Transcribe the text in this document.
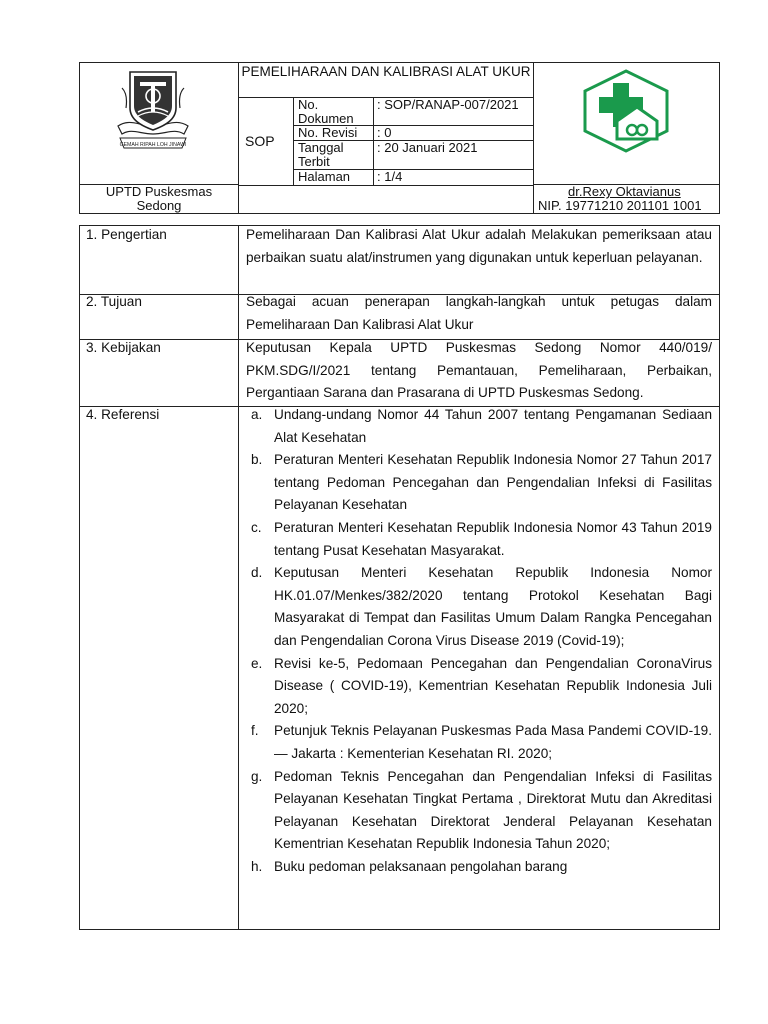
GEMAH RIPAH LOH JINAWI
PEMELIHARAAN DAN KALIBRASI ALAT UKUR
SOP
No. Dokumen
: SOP/RANAP-007/2021
No. Revisi	: 0
Tanggal Terbit
: 20 Januari 2021
Halaman	: 1/4
UPTD Puskesmas Sedong
dr.Rexy Oktavianus
NIP. 19771210 201101 1001
1. Pengertian	Pemeliharaan Dan Kalibrasi Alat Ukur adalah Melakukan pemeriksaan atau perbaikan suatu alat/instrumen yang digunakan untuk keperluan pelayanan.
2. Tujuan	Sebagai acuan penerapan langkah-langkah untuk petugas dalam Pemeliharaan Dan Kalibrasi Alat Ukur
3. Kebijakan	Keputusan Kepala UPTD Puskesmas Sedong Nomor 440/019/ PKM.SDG/I/2021 tentang Pemantauan, Pemeliharaan, Perbaikan, Pergantiaan Sarana dan Prasarana di UPTD Puskesmas Sedong.
4. Referensi	a. Undang-undang Nomor 44 Tahun 2007 tentang Pengamanan Sediaan Alat Kesehatan
b. Peraturan Menteri Kesehatan Republik Indonesia Nomor 27 Tahun 2017 tentang Pedoman Pencegahan dan Pengendalian Infeksi di Fasilitas Pelayanan Kesehatan
c. Peraturan Menteri Kesehatan Republik Indonesia Nomor 43 Tahun 2019 tentang Pusat Kesehatan Masyarakat.
d. Keputusan Menteri Kesehatan Republik Indonesia Nomor HK.01.07/Menkes/382/2020 tentang Protokol Kesehatan Bagi Masyarakat di Tempat dan Fasilitas Umum Dalam Rangka Pencegahan dan Pengendalian Corona Virus Disease 2019 (Covid-19);
e. Revisi ke-5, Pedomaan Pencegahan dan Pengendalian CoronaVirus Disease ( COVID-19), Kementrian Kesehatan Republik Indonesia Juli 2020;
f. Petunjuk Teknis Pelayanan Puskesmas Pada Masa Pandemi COVID-19.— Jakarta : Kementerian Kesehatan RI. 2020;
g. Pedoman Teknis Pencegahan dan Pengendalian Infeksi di Fasilitas Pelayanan Kesehatan Tingkat Pertama , Direktorat Mutu dan Akreditasi Pelayanan Kesehatan Direktorat Jenderal Pelayanan Kesehatan Kementrian Kesehatan Republik Indonesia Tahun 2020;
h. Buku pedoman pelaksanaan pengolahan barang
